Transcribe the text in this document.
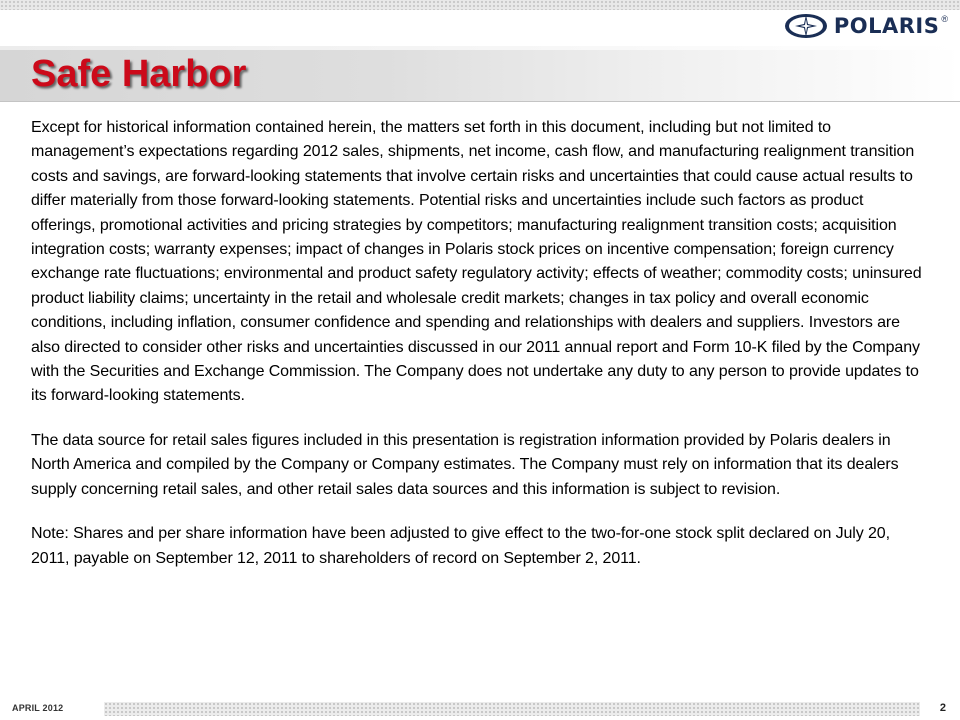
POLARIS ®
Safe Harbor

Except for historical information contained herein, the matters set forth in this document, including but not limited to management’s expectations regarding 2012 sales, shipments, net income, cash flow, and manufacturing realignment transition costs and savings, are forward-looking statements that involve certain risks and uncertainties that could cause actual results to differ materially from those forward-looking statements. Potential risks and uncertainties include such factors as product offerings, promotional activities and pricing strategies by competitors; manufacturing realignment transition costs; acquisition integration costs; warranty expenses; impact of changes in Polaris stock prices on incentive compensation; foreign currency exchange rate fluctuations; environmental and product safety regulatory activity; effects of weather; commodity costs; uninsured product liability claims; uncertainty in the retail and wholesale credit markets; changes in tax policy and overall economic conditions, including inflation, consumer confidence and spending and relationships with dealers and suppliers. Investors are also directed to consider other risks and uncertainties discussed in our 2011 annual report and Form 10-K filed by the Company with the Securities and Exchange Commission. The Company does not undertake any duty to any person to provide updates to its forward-looking statements.

The data source for retail sales figures included in this presentation is registration information provided by Polaris dealers in North America and compiled by the Company or Company estimates. The Company must rely on information that its dealers supply concerning retail sales, and other retail sales data sources and this information is subject to revision.

Note: Shares and per share information have been adjusted to give effect to the two-for-one stock split declared on July 20, 2011, payable on September 12, 2011 to shareholders of record on September 2, 2011.

APRIL 2012	2
